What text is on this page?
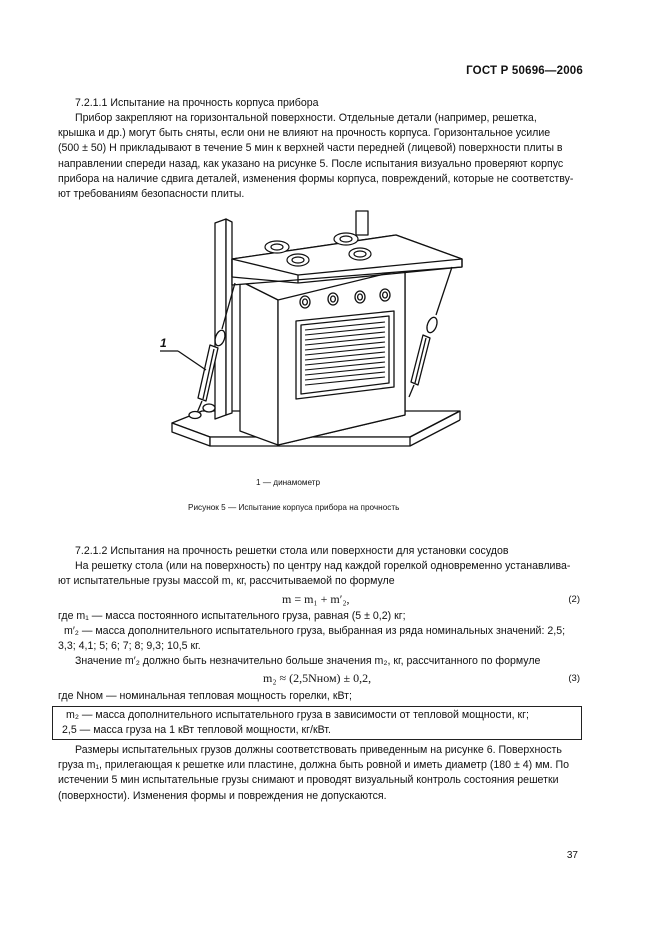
ГОСТ Р 50696—2006
7.2.1.1 Испытание на прочность корпуса прибора
Прибор закрепляют на горизонтальной поверхности. Отдельные детали (например, решетка,
крышка и др.) могут быть сняты, если они не влияют на прочность корпуса. Горизонтальное усилие
(500 ± 50) Н прикладывают в течение 5 мин к верхней части передней (лицевой) поверхности плиты в
направлении спереди назад, как указано на рисунке 5. После испытания визуально проверяют корпус
прибора на наличие сдвига деталей, изменения формы корпуса, повреждений, которые не соответству-
ют требованиям безопасности плиты.
1
1 — динамометр
Рисунок 5 — Испытание корпуса прибора на прочность
7.2.1.2 Испытания на прочность решетки стола или поверхности для установки сосудов
На решетку стола (или на поверхность) по центру над каждой горелкой одновременно устанавлива-
ют испытательные грузы массой m, кг, рассчитываемой по формуле
m = m₁ + m′₂,	(2)
где m₁ — масса постоянного испытательного груза, равная (5 ± 0,2) кг;
m′₂ — масса дополнительного испытательного груза, выбранная из ряда номинальных значений: 2,5;
3,3; 4,1; 5; 6; 7; 8; 9,3; 10,5 кг.
Значение m′₂ должно быть незначительно больше значения m₂, кг, рассчитанного по формуле
m₂ ≈ (2,5Nном) ± 0,2,	(3)
где Nном — номинальная тепловая мощность горелки, кВт;
m₂ — масса дополнительного испытательного груза в зависимости от тепловой мощности, кг;
2,5 — масса груза на 1 кВт тепловой мощности, кг/кВт.
Размеры испытательных грузов должны соответствовать приведенным на рисунке 6. Поверхность
груза m₁, прилегающая к решетке или пластине, должна быть ровной и иметь диаметр (180 ± 4) мм. По
истечении 5 мин испытательные грузы снимают и проводят визуальный контроль состояния решетки
(поверхности). Изменения формы и повреждения не допускаются.
37
